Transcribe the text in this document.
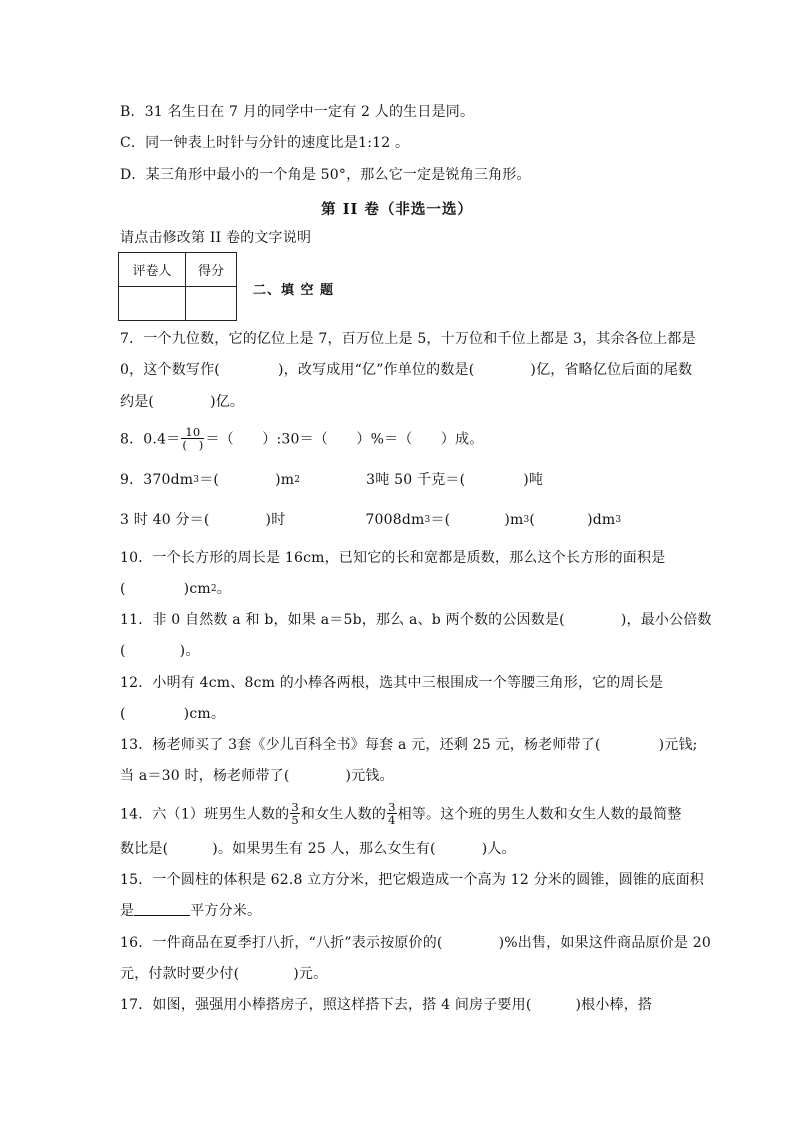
B．31 名生日在 7 月的同学中一定有 2 人的生日是同。
C．同一钟表上时针与分针的速度比是1:12 。
D．某三角形中最小的一个角是 50°，那么它一定是锐角三角形。
第 II 卷（非选一选）
请点击修改第 II 卷的文字说明
评卷人	得分

二、填 空 题
7．一个九位数，它的亿位上是 7，百万位上是 5，十万位和千位上都是 3，其余各位上都是
0，这个数写作(	)，改写成用“亿”作单位的数是(	)亿，省略亿位后面的尾数
约是(	)亿。
8．$0.4= \frac{10}{( )}$ ＝（　　）:30＝（　　）%＝（　　）成。
9．$370dm^3=$(	)$m^2$	3吨 50 千克＝(	)吨
3 时 40 分＝(	)时	$7008dm^3=$(	)$m^3$(	)$dm^3$
10．一个长方形的周长是 16cm，已知它的长和宽都是质数，那么这个长方形的面积是
(	)$cm^2$。
11．非 0 自然数 a 和 b，如果 a＝5b，那么 a、b 两个数的公因数是(	)，最小公倍数
(	)。
12．小明有 4cm、8cm 的小棒各两根，选其中三根围成一个等腰三角形，它的周长是
(	)cm。
13．杨老师买了 3套《少儿百科全书》每套 a 元，还剩 25 元，杨老师带了(	)元钱;
当 a＝30 时，杨老师带了(	)元钱。
14．六（1）班男生人数的 $\frac{3}{5}$ 和女生人数的 $\frac{3}{4}$ 相等。这个班的男生人数和女生人数的最简整
数比是(	)。如果男生有 25 人，那么女生有(	)人。
15．一个圆柱的体积是 62.8 立方分米，把它煅造成一个高为 12 分米的圆锥，圆锥的底面积
是	平方分米。
16．一件商品在夏季打八折，“八折”表示按原价的(	)%出售，如果这件商品原价是 20
元，付款时要少付(	)元。
17．如图，强强用小棒搭房子，照这样搭下去，搭 4 间房子要用(	)根小棒，搭
